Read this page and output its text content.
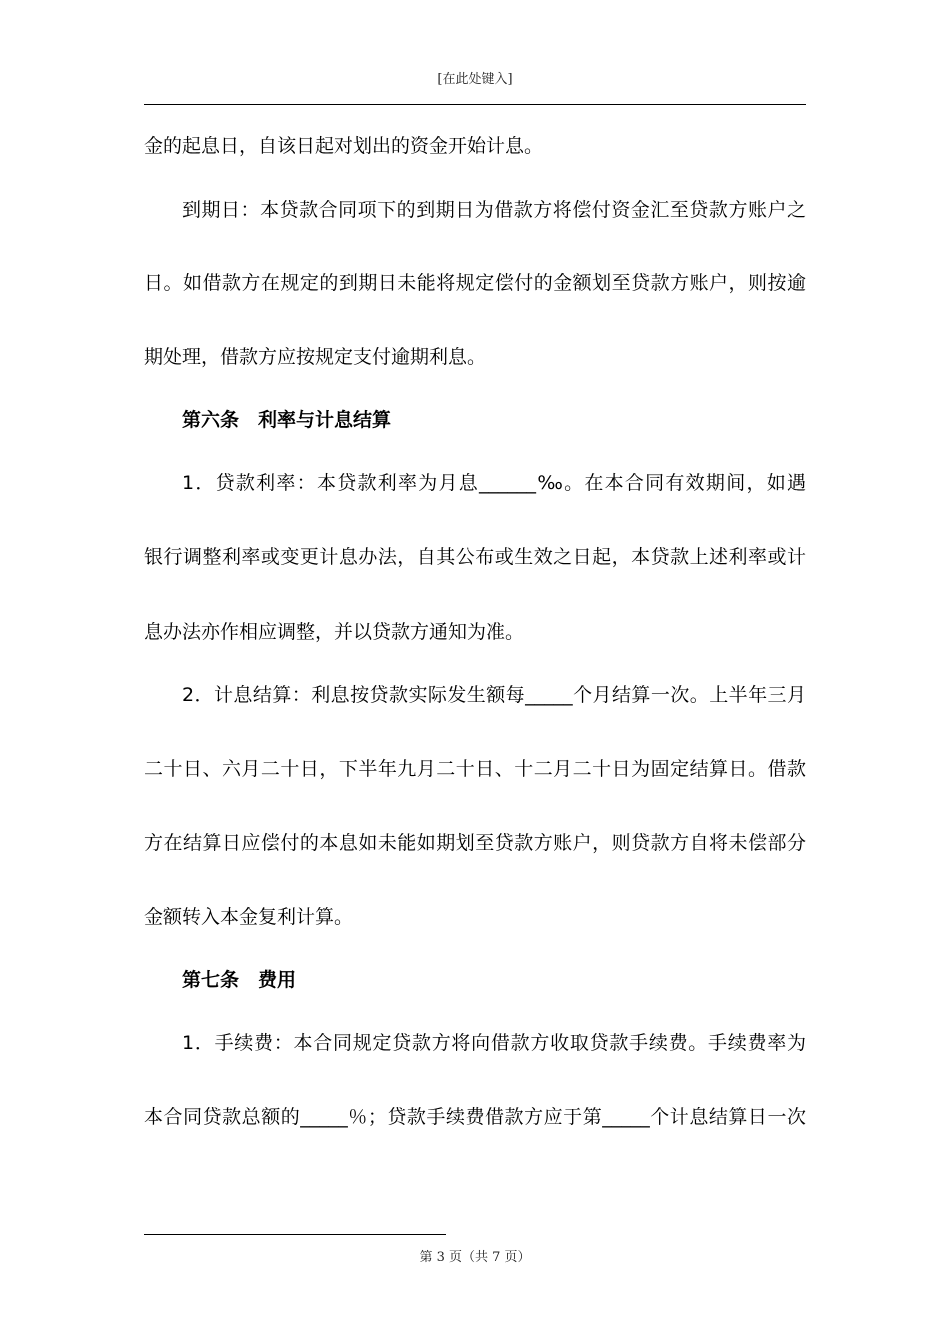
[在此处键入]
金的起息日，自该日起对划出的资金开始计息。
到期日：本贷款合同项下的到期日为借款方将偿付资金汇至贷款方账户之
日。如借款方在规定的到期日未能将规定偿付的金额划至贷款方账户，则按逾
期处理，借款方应按规定支付逾期利息。
第六条　利率与计息结算
1．贷款利率：本贷款利率为月息______‰。在本合同有效期间，如遇
银行调整利率或变更计息办法，自其公布或生效之日起，本贷款上述利率或计
息办法亦作相应调整，并以贷款方通知为准。
2．计息结算：利息按贷款实际发生额每_____个月结算一次。上半年三月
二十日、六月二十日，下半年九月二十日、十二月二十日为固定结算日。借款
方在结算日应偿付的本息如未能如期划至贷款方账户，则贷款方自将未偿部分
金额转入本金复利计算。
第七条　费用
1．手续费：本合同规定贷款方将向借款方收取贷款手续费。手续费率为
本合同贷款总额的_____％；贷款手续费借款方应于第_____个计息结算日一次
第 3 页（共 7 页）
